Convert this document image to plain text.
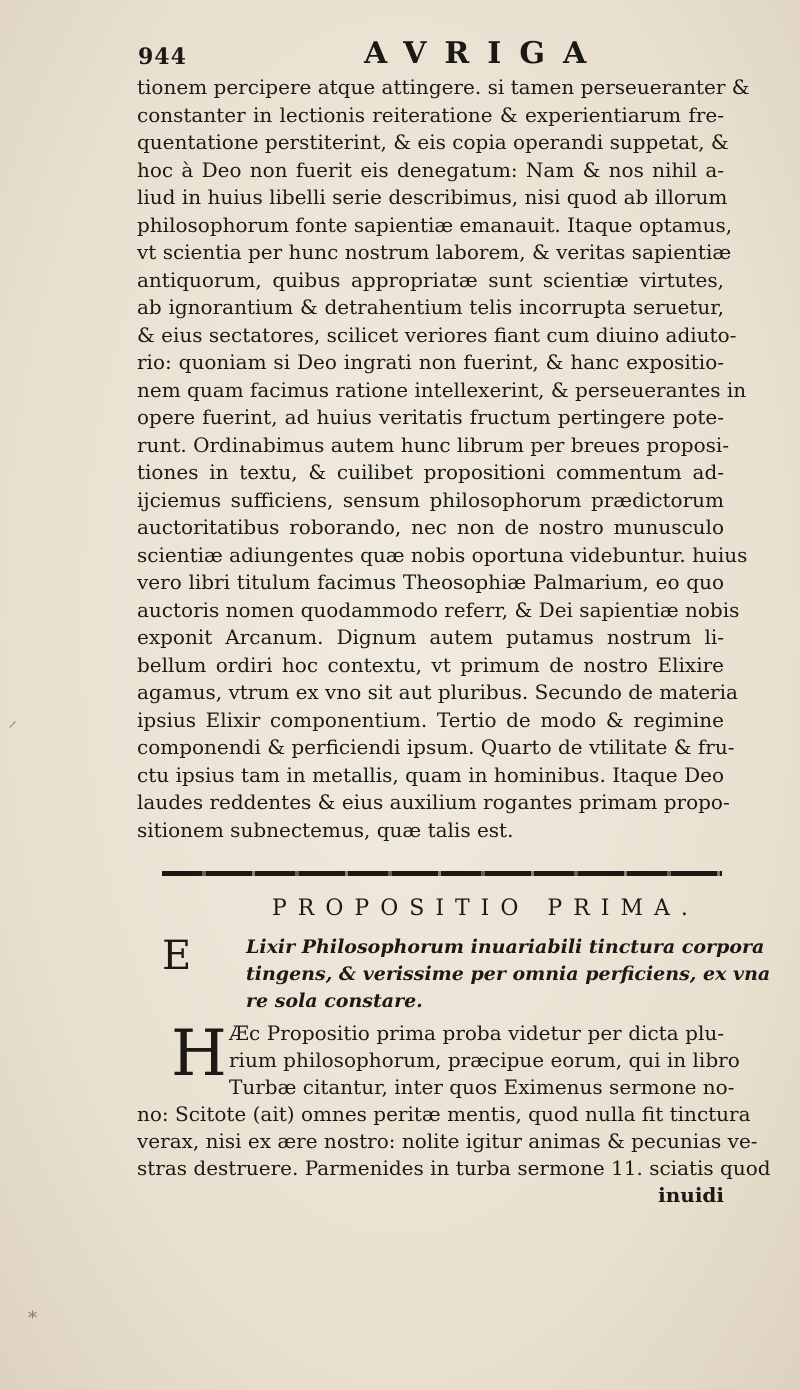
944	AVRIGA
tionem percipere atque attingere. si tamen perseueranter &
constanter in lectionis reiteratione & experientiarum fre-
quentatione perstiterint, & eis copia operandi suppetat, &
hoc à Deo non fuerit eis denegatum: Nam & nos nihil a-
liud in huius libelli serie describimus, nisi quod ab illorum
philosophorum fonte sapientiæ emanauit. Itaque optamus,
vt scientia per hunc nostrum laborem, & veritas sapientiæ
antiquorum, quibus appropriatæ sunt scientiæ virtutes,
ab ignorantium & detrahentium telis incorrupta seruetur,
& eius sectatores, scilicet veriores fiant cum diuino adiuto-
rio: quoniam si Deo ingrati non fuerint, & hanc expositio-
nem quam facimus ratione intellexerint, & perseuerantes in
opere fuerint, ad huius veritatis fructum pertingere pote-
runt. Ordinabimus autem hunc librum per breues proposi-
tiones in textu, & cuilibet propositioni commentum ad-
ijciemus sufficiens, sensum philosophorum prædictorum
auctoritatibus roborando, nec non de nostro munusculo
scientiæ adiungentes quæ nobis oportuna videbuntur. huius
vero libri titulum facimus Theosophiæ Palmarium, eo quo
auctoris nomen quodammodo referr, & Dei sapientiæ nobis
exponit Arcanum. Dignum autem putamus nostrum li-
bellum ordiri hoc contextu, vt primum de nostro Elixire
agamus, vtrum ex vno sit aut pluribus. Secundo de materia
ipsius Elixir componentium. Tertio de modo & regimine
componendi & perficiendi ipsum. Quarto de vtilitate & fru-
ctu ipsius tam in metallis, quam in hominibus. Itaque Deo
laudes reddentes & eius auxilium rogantes primam propo-
sitionem subnectemus, quæ talis est.
PROPOSITIO PRIMA.
E	Lixir Philosophorum inuariabili tinctura corpora
tingens, & verissime per omnia perficiens, ex vna
re sola constare.
H Æc Propositio prima proba videtur per dicta plu-
rium philosophorum, præcipue eorum, qui in libro
Turbæ citantur, inter quos Eximenus sermone no-
no: Scitote (ait) omnes peritæ mentis, quod nulla fit tinctura
verax, nisi ex ære nostro: nolite igitur animas & pecunias ve-
stras destruere. Parmenides in turba sermone 11. sciatis quod
inuidi
⸍
⁎
